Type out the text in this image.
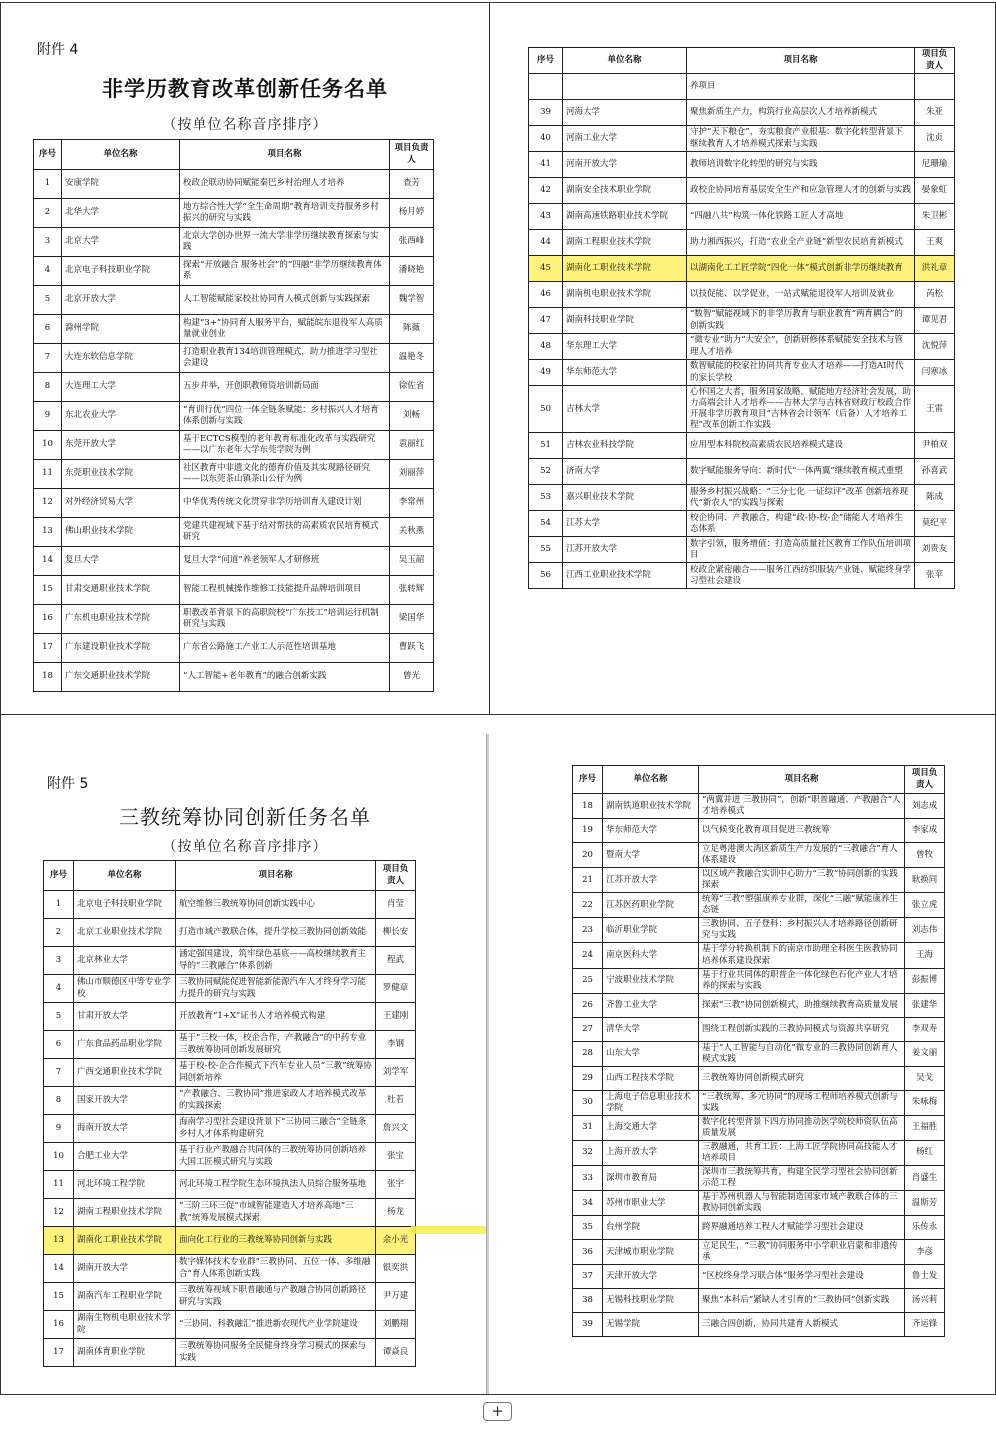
附件 4
非学历教育改革创新任务名单
（按单位名称音序排序）
序号	单位名称	项目名称	项目负责人
1	安康学院	校政企联动协同赋能秦巴乡村治理人才培养	查芳
2	北华大学	地方综合性大学“全生命周期”教育培训支持服务乡村振兴的研究与实践	杨月婷
3	北京大学	北京大学创办世界一流大学非学历继续教育探索与实践	张西峰
4	北京电子科技职业学院	探索“开放融合 服务社会”的“四融”非学历继续教育体系	潘晓艳
5	北京开放大学	人工智能赋能家校社协同育人模式创新与实践探索	魏学智
6	滁州学院	构建“3+”协同育人服务平台，赋能皖东退役军人高质量就业创业	陈薇
7	大连东软信息学院	打造职业教育134培训管理模式，助力推进学习型社会建设	温艳冬
8	大连理工大学	五步并举，开创职教师资培训新局面	徐佐省
9	东北农业大学	“育训行优”四位一体全链条赋能：乡村振兴人才培育体系创新与实践	刘畅
10	东莞开放大学	基于ECTCS模型的老年教育标准化改革与实践研究——以广东老年大学东莞学院为例	袁丽红
11	东莞职业技术学院	社区教育中非遗文化的德育价值及其实现路径研究——以东莞茶山镇茶山公仔为例	刘丽萍
12	对外经济贸易大学	中华优秀传统文化贯穿非学历培训育人建设计划	李常州
13	佛山职业技术学院	党建共建视域下基于结对帮扶的高素质农民培育模式研究	关秋燕
14	复旦大学	复旦大学“问道”养老领军人才研修班	吴玉韶
15	甘肃交通职业技术学院	智能工程机械操作维修工技能提升品牌培训项目	张转辉
16	广东机电职业技术学院	职教改革背景下的高职院校“广东技工”培训运行机制研究与实践	梁国华
17	广东建设职业技术学院	广东省公路施工产业工人示范性培训基地	曹跃飞
18	广东交通职业技术学院	“人工智能+老年教育”的融合创新实践	曾光
序号	单位名称	项目名称	项目负责人
		养项目	
39	河海大学	聚焦新质生产力，构筑行业高层次人才培养新模式	朱亚
40	河南工业大学	守护“天下粮仓”，夯实粮食产业根基：数字化转型背景下继续教育人才培养模式探索与实践	沈贞
41	河南开放大学	教师培训数字化转型的研究与实践	尼珊瑜
42	湖南安全技术职业学院	政校企协同培育基层安全生产和应急管理人才的创新与实践	晏象虹
43	湖南高速铁路职业技术学院	“四融八共”构筑一体化铁路工匠人才高地	朱卫彬
44	湖南工程职业技术学院	助力湘西振兴，打造“农业全产业链”新型农民培育新模式	王爽
45	湖南化工职业技术学院	以湖南化工工匠学院“四化一体”模式创新非学历继续教育	洪礼章
46	湖南机电职业技术学院	以技促能、以学促业，一站式赋能退役军人培训及就业	芮松
47	湖南科技职业学院	“数智”赋能视域下的非学历教育与职业教育“两育耦合”的创新实践	谭见君
48	华东理工大学	“微专业”助力“大安全”，创新研修体系赋能安全技术与管理人才培养	沈悦萍
49	华东师范大学	数智赋能的校家社协同共育专业人才培养——打造AI时代的家长学校	闫寒冰
50	吉林大学	心怀国之大者，服务国家战略，赋能地方经济社会发展，助力高端会计人才培养——吉林大学与吉林省财政厅校政合作开展非学历教育项目“吉林省会计领军（后备）人才培养工程”改革创新工作实践	王雷
51	吉林农业科技学院	应用型本科院校高素质农民培养模式建设	尹柏双
52	济南大学	数字赋能服务导向：新时代“一体两翼”继续教育模式重塑	孙喜武
53	嘉兴职业技术学院	服务乡村振兴战略：“三分七化 一证综评”改革 创新培养现代“新农人”的实践与探索	陈成
54	江苏大学	校企协同、产教融合，构建“政-协-校-企”储能人才培养生态体系	莫纪平
55	江苏开放大学	数字引领，服务增值：打造高质量社区教育工作队伍培训项目	刘贵友
56	江西工业职业技术学院	校政企紧密融合——服务江西纺织服装产业链、赋能终身学习型社会建设	张苹
附件 5
三教统筹协同创新任务名单
（按单位名称音序排序）
序号	单位名称	项目名称	项目负责人
1	北京电子科技职业学院	航空维修三教统筹协同创新实践中心	肖莹
2	北京工业职业技术学院	打造市域产教联合体，提升学校三教协同创新效能	柳长安
3	北京林业大学	涵定强国建设，筑牢绿色基底——高校继续教育主导的“三教融合”体系创新	程武
4	佛山市顺德区中等专业学校	三教协同赋能促进智能新能源汽车人才终身学习能力提升的研究与实践	罗健章
5	甘肃开放大学	开放教育“1+X”证书人才培养模式构建	王建刚
6	广东食品药品职业学院	基于“三校一体，校企合作，产教融合”的中药专业三教统筹协同创新发展研究	李钢
7	广西交通职业技术学院	基于校-校-企合作模式下汽车专业人员“三教”统筹协同创新培养	刘学军
8	国家开放大学	“产教融合、三教协同”推进家政人才培养模式改革的实践探索	杜若
9	海南开放大学	海南学习型社会建设背景下“三协同三融合”全链条乡村人才体系构建研究	詹兴文
10	合肥工业大学	基于行业产教融合共同体的三教统筹协同创新培养大国工匠模式研究与实践	张宝
11	河北环境工程学院	河北环境工程学院生态环境执法人员综合服务基地	张宇
12	湖南工程职业技术学院	“三阶三环三促”市域智能建造人才培养高地“三教”统筹发展模式探索	杨龙
13	湖南化工职业技术学院	面向化工行业的三教统筹协同创新与实践	余小光
14	湖南开放大学	数字媒体技术专业群“三教协同、五位一体、多维融合”育人体系创新实践	银奕洪
15	湖南汽车工程职业学院	三教统筹视域下职普融通与产教融合协同创新路径研究与实践	尹万建
16	湖南生物机电职业技术学院	“三协同、科教融汇”推进新农现代产业学院建设	刘鹏翔
17	湖南体育职业学院	三教统筹协同服务全民健身终身学习模式的探索与实践	谭焱良
序号	单位名称	项目名称	项目负责人
18	湖南铁道职业技术学院	“两翼并进 三教协同”，创新“职普融通、产教融合”人才培养模式	刘志成
19	华东师范大学	以气候变化教育项目促进三教统筹	李家成
20	暨南大学	立足粤港澳大湾区新质生产力发展的“三教融合”育人体系建设	曾牧
21	江苏开放大学	以区域产教融合实训中心助力“三教”协同创新的实践探索	耿换同
22	江苏医药职业学院	统筹“三教”塑强康养专业群，深化“三融”赋能康养生态链	张立虎
23	临沂职业学院	三教协同、五子登科：乡村振兴人才培养路径创新研究与实践	刘志伟
24	南京医科大学	基于学分转换机制下的南京市助理全科医生医教协同培养体系建设探索	王海
25	宁波职业技术学院	基于行业共同体的职普企一体化绿色石化产业人才培养的探索与实践	彭振博
26	齐鲁工业大学	探索“三教”协同创新模式，助推继续教育高质量发展	张建华
27	清华大学	围绕工程创新实践的三教协同模式与资源共享研究	李双寿
28	山东大学	基于“人工智能与自动化”微专业的三教协同创新育人模式实践	姜文丽
29	山西工程技术学院	三教统筹协同创新模式研究	吴戈
30	上海电子信息职业技术学院	“三教统筹、多元协同”的现场工程师培养模式创新与实践	朱咏梅
31	上海交通大学	数字化转型背景下四方协同推动医学院校师资队伍高质量发展	王福胜
32	上海开放大学	三教融通，共育工匠：上海工匠学院协同高技能人才培养项目	杨红
33	深圳市教育局	深圳市三教统筹共育，构建全民学习型社会协同创新示范工程	肖盛生
34	苏州市职业大学	基于苏州机器人与智能制造国家市域产教联合体的三教协同创新实践	温斯芳
35	台州学院	跨界融通培养工程人才赋能学习型社会建设	乐传永
36	天津城市职业学院	立足民生，“三教”协同服务中小学职业启蒙和非遗传承	李彦
37	天津开放大学	“区校终身学习联合体”服务学习型社会建设	鲁士发
38	无锡科技职业学院	聚焦“本科后”紧缺人才引育的“三教协同”创新实践	汤兴莉
39	无锡学院	三融合四创新，协同共建育人新模式	齐运锋
+
